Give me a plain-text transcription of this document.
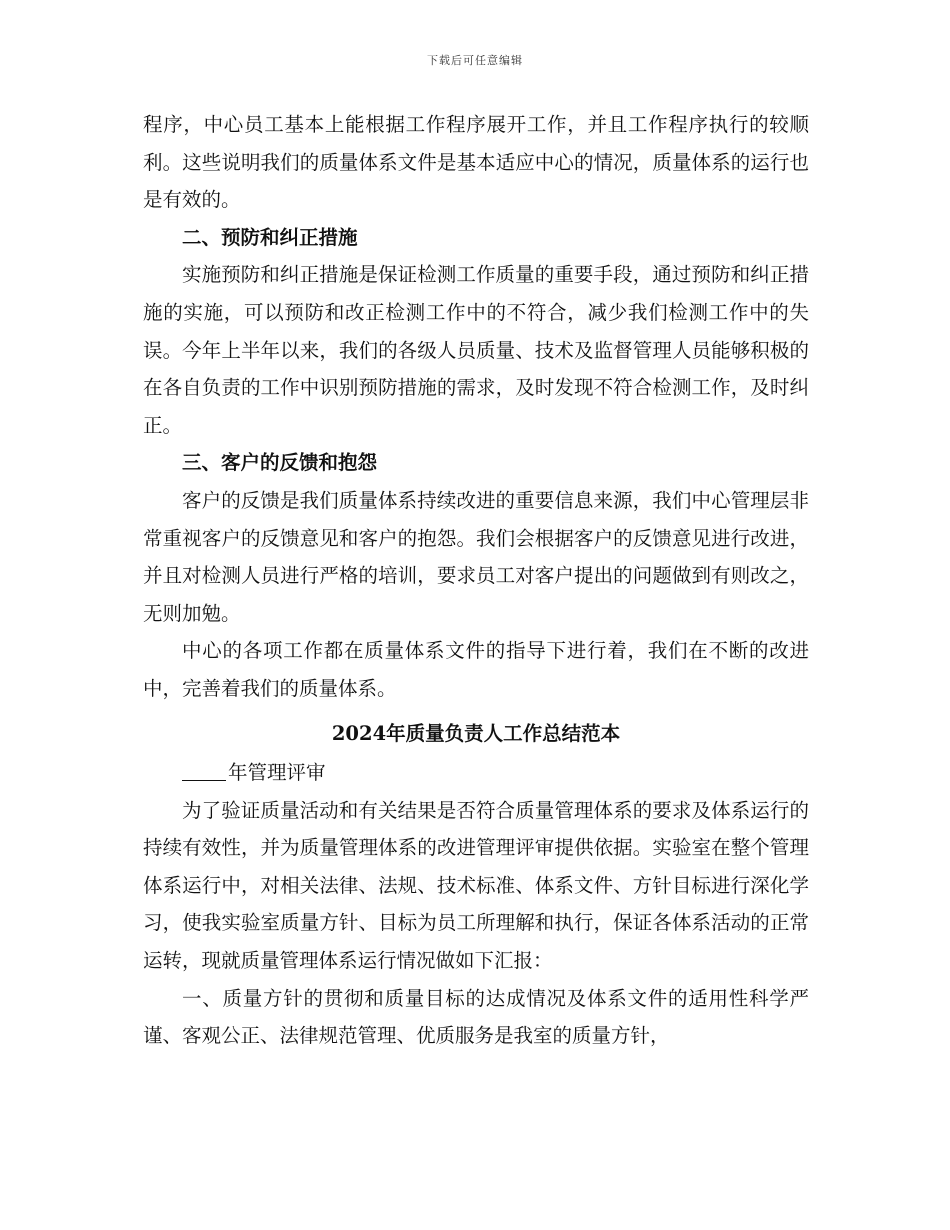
下载后可任意编辑

程序，中心员工基本上能根据工作程序展开工作，并且工作程序执行的较顺利。这些说明我们的质量体系文件是基本适应中心的情况，质量体系的运行也是有效的。

二、预防和纠正措施

实施预防和纠正措施是保证检测工作质量的重要手段，通过预防和纠正措施的实施，可以预防和改正检测工作中的不符合，减少我们检测工作中的失误。今年上半年以来，我们的各级人员质量、技术及监督管理人员能够积极的在各自负责的工作中识别预防措施的需求，及时发现不符合检测工作，及时纠正。

三、客户的反馈和抱怨

客户的反馈是我们质量体系持续改进的重要信息来源，我们中心管理层非常重视客户的反馈意见和客户的抱怨。我们会根据客户的反馈意见进行改进，并且对检测人员进行严格的培训，要求员工对客户提出的问题做到有则改之，无则加勉。

中心的各项工作都在质量体系文件的指导下进行着，我们在不断的改进中，完善着我们的质量体系。

2024年质量负责人工作总结范本

年管理评审

为了验证质量活动和有关结果是否符合质量管理体系的要求及体系运行的持续有效性，并为质量管理体系的改进管理评审提供依据。实验室在整个管理体系运行中，对相关法律、法规、技术标准、体系文件、方针目标进行深化学习，使我实验室质量方针、目标为员工所理解和执行，保证各体系活动的正常运转，现就质量管理体系运行情况做如下汇报：

一、质量方针的贯彻和质量目标的达成情况及体系文件的适用性科学严谨、客观公正、法律规范管理、优质服务是我室的质量方针，
